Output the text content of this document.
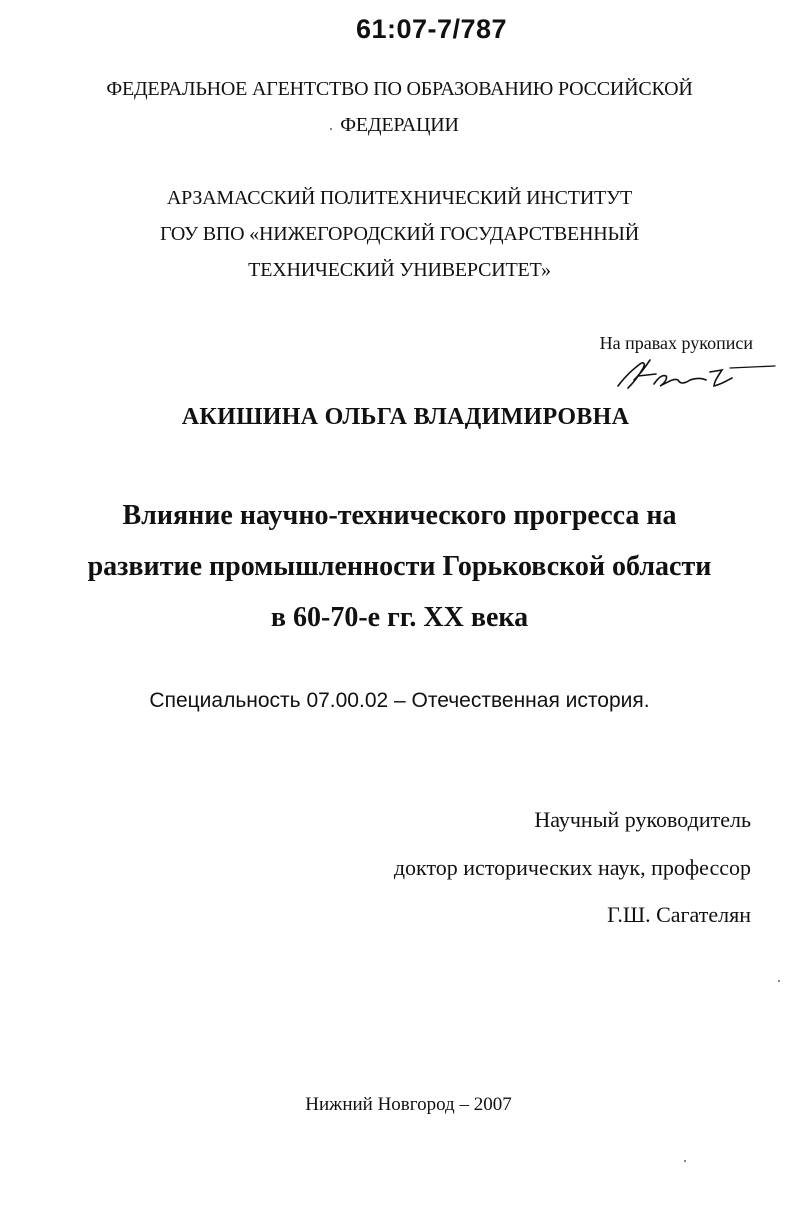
61:07-7/787
ФЕДЕРАЛЬНОЕ АГЕНТСТВО ПО ОБРАЗОВАНИЮ РОССИЙСКОЙ
ФЕДЕРАЦИИ
АРЗАМАССКИЙ ПОЛИТЕХНИЧЕСКИЙ ИНСТИТУТ
ГОУ ВПО «НИЖЕГОРОДСКИЙ ГОСУДАРСТВЕННЫЙ
ТЕХНИЧЕСКИЙ УНИВЕРСИТЕТ»
На правах рукописи
АКИШИНА ОЛЬГА ВЛАДИМИРОВНА
Влияние научно-технического прогресса на
развитие промышленности Горьковской области
в 60-70-е гг. XX века
Специальность 07.00.02 – Отечественная история.
Научный руководитель
доктор исторических наук, профессор
Г.Ш. Сагателян
Нижний Новгород – 2007
